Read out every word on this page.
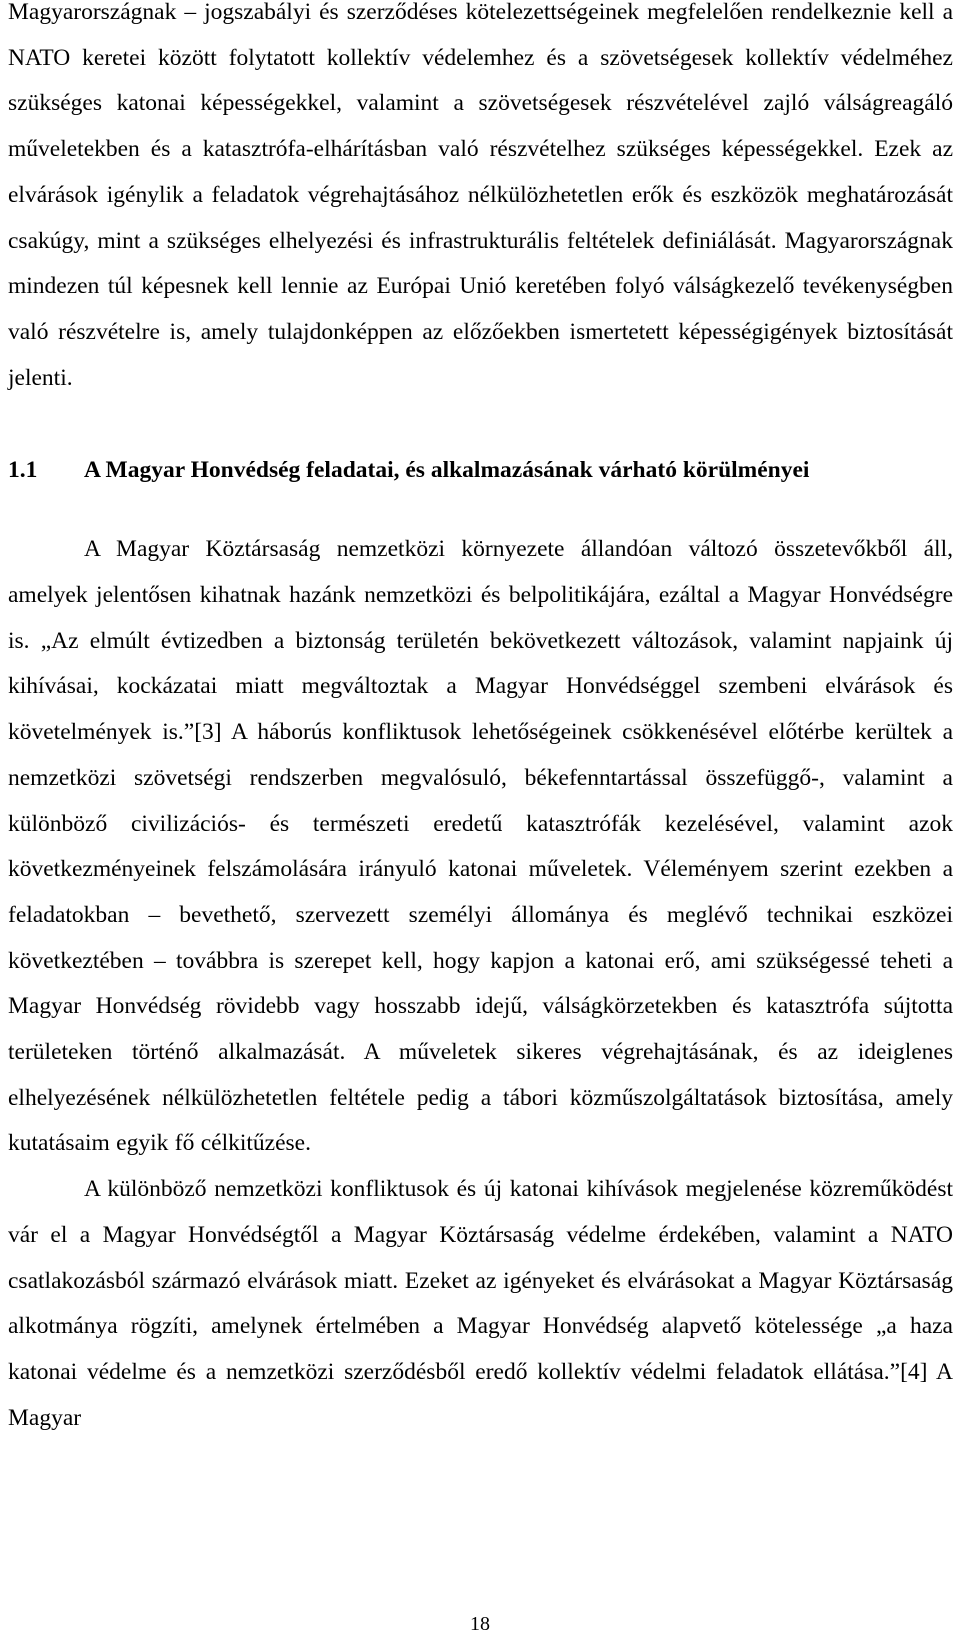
Magyarországnak – jogszabályi és szerződéses kötelezettségeinek megfelelően rendelkeznie kell a NATO keretei között folytatott kollektív védelemhez és a szövetségesek kollektív védelméhez szükséges katonai képességekkel, valamint a szövetségesek részvételével zajló válságreagáló műveletekben és a katasztrófa-elhárításban való részvételhez szükséges képességekkel. Ezek az elvárások igénylik a feladatok végrehajtásához nélkülözhetetlen erők és eszközök meghatározását csakúgy, mint a szükséges elhelyezési és infrastrukturális feltételek definiálását. Magyarországnak mindezen túl képesnek kell lennie az Európai Unió keretében folyó válságkezelő tevékenységben való részvételre is, amely tulajdonképpen az előzőekben ismertetett képességigények biztosítását jelenti.

1.1	A Magyar Honvédség feladatai, és alkalmazásának várható körülményei

A Magyar Köztársaság nemzetközi környezete állandóan változó összetevőkből áll, amelyek jelentősen kihatnak hazánk nemzetközi és belpolitikájára, ezáltal a Magyar Honvédségre is. „Az elmúlt évtizedben a biztonság területén bekövetkezett változások, valamint napjaink új kihívásai, kockázatai miatt megváltoztak a Magyar Honvédséggel szembeni elvárások és követelmények is.”[3] A háborús konfliktusok lehetőségeinek csökkenésével előtérbe kerültek a nemzetközi szövetségi rendszerben megvalósuló, békefenntartással összefüggő-, valamint a különböző civilizációs- és természeti eredetű katasztrófák kezelésével, valamint azok következményeinek felszámolására irányuló katonai műveletek. Véleményem szerint ezekben a feladatokban – bevethető, szervezett személyi állománya és meglévő technikai eszközei következtében – továbbra is szerepet kell, hogy kapjon a katonai erő, ami szükségessé teheti a Magyar Honvédség rövidebb vagy hosszabb idejű, válságkörzetekben és katasztrófa sújtotta területeken történő alkalmazását. A műveletek sikeres végrehajtásának, és az ideiglenes elhelyezésének nélkülözhetetlen feltétele pedig a tábori közműszolgáltatások biztosítása, amely kutatásaim egyik fő célkitűzése.

A különböző nemzetközi konfliktusok és új katonai kihívások megjelenése közreműködést vár el a Magyar Honvédségtől a Magyar Köztársaság védelme érdekében, valamint a NATO csatlakozásból származó elvárások miatt. Ezeket az igényeket és elvárásokat a Magyar Köztársaság alkotmánya rögzíti, amelynek értelmében a Magyar Honvédség alapvető kötelessége „a haza katonai védelme és a nemzetközi szerződésből eredő kollektív védelmi feladatok ellátása.”[4] A Magyar

18
